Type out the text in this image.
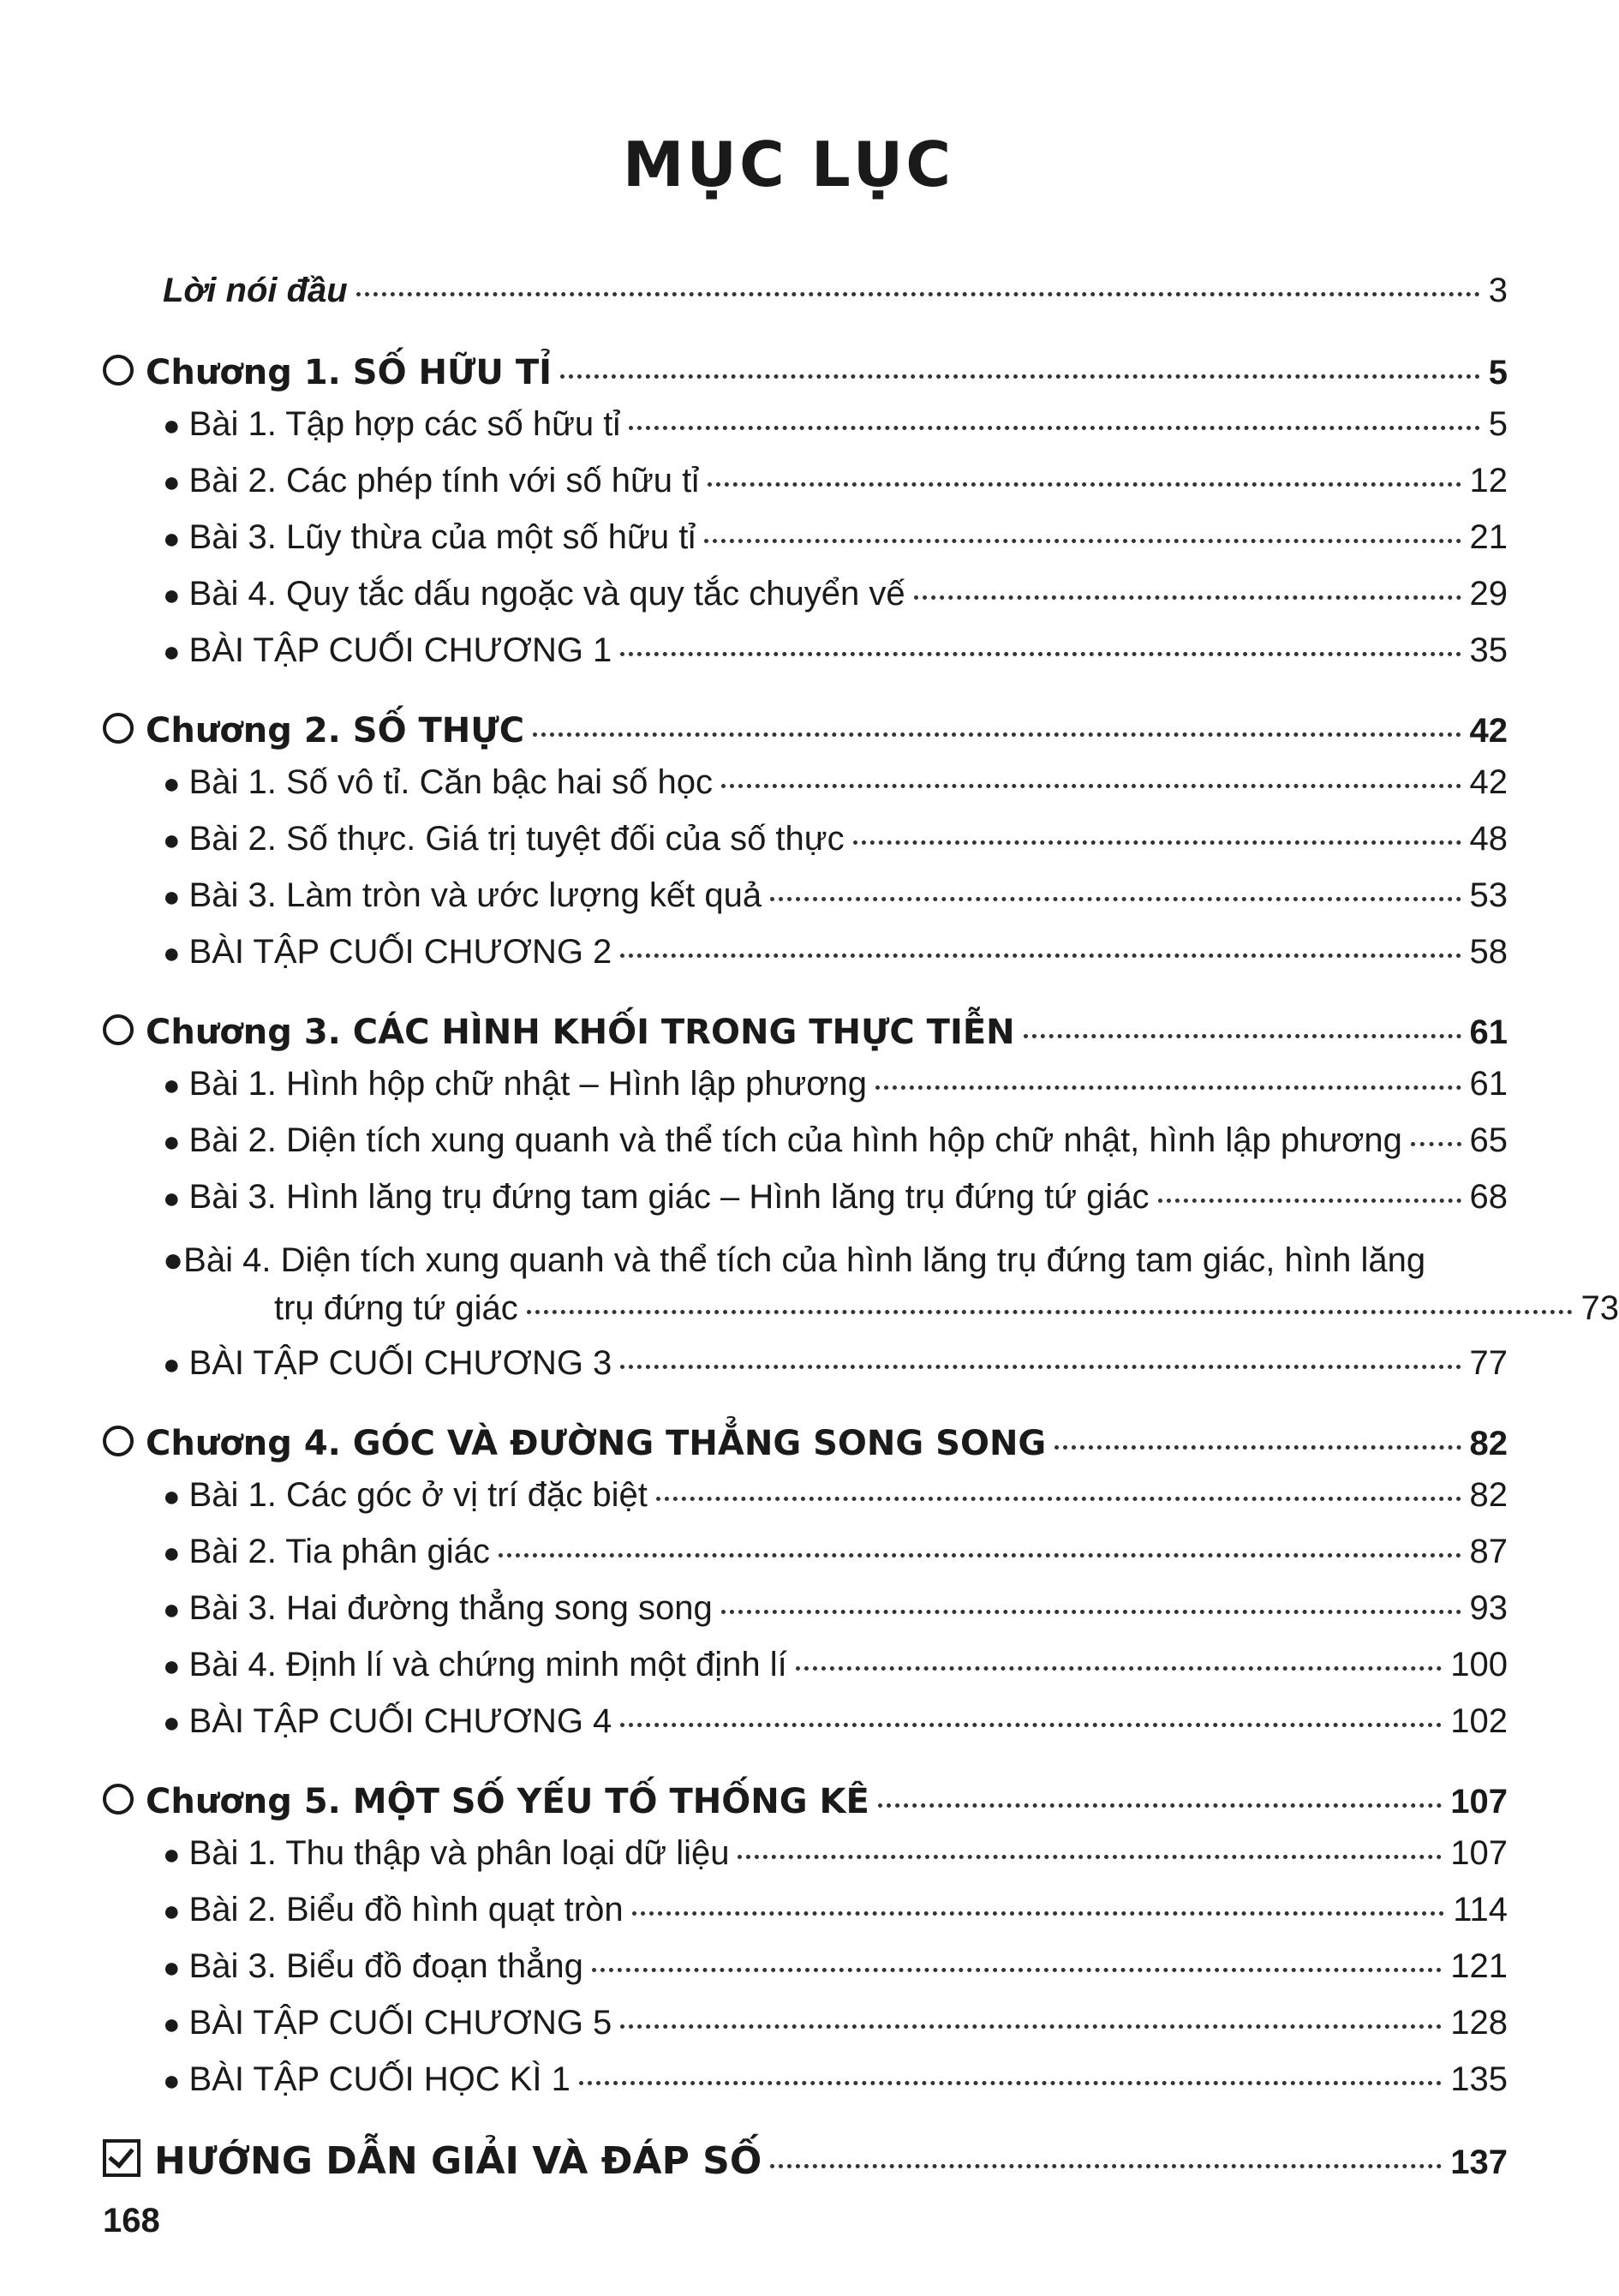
MỤC LỤC
Lời nói đầu	3
Chương 1. SỐ HỮU TỈ	5
● Bài 1. Tập hợp các số hữu tỉ	5
● Bài 2. Các phép tính với số hữu tỉ	12
● Bài 3. Lũy thừa của một số hữu tỉ	21
● Bài 4. Quy tắc dấu ngoặc và quy tắc chuyển vế	29
● BÀI TẬP CUỐI CHƯƠNG 1	35
Chương 2. SỐ THỰC	42
● Bài 1. Số vô tỉ. Căn bậc hai số học	42
● Bài 2. Số thực. Giá trị tuyệt đối của số thực	48
● Bài 3. Làm tròn và ước lượng kết quả	53
● BÀI TẬP CUỐI CHƯƠNG 2	58
Chương 3. CÁC HÌNH KHỐI TRONG THỰC TIỄN	61
● Bài 1. Hình hộp chữ nhật – Hình lập phương	61
● Bài 2. Diện tích xung quanh và thể tích của hình hộp chữ nhật, hình lập phương 65
● Bài 3. Hình lăng trụ đứng tam giác – Hình lăng trụ đứng tứ giác	68
● Bài 4. Diện tích xung quanh và thể tích của hình lăng trụ đứng tam giác, hình lăng
trụ đứng tứ giác	73
● BÀI TẬP CUỐI CHƯƠNG 3	77
Chương 4. GÓC VÀ ĐƯỜNG THẲNG SONG SONG	82
● Bài 1. Các góc ở vị trí đặc biệt	82
● Bài 2. Tia phân giác	87
● Bài 3. Hai đường thẳng song song	93
● Bài 4. Định lí và chứng minh một định lí	100
● BÀI TẬP CUỐI CHƯƠNG 4	102
Chương 5. MỘT SỐ YẾU TỐ THỐNG KÊ	107
● Bài 1. Thu thập và phân loại dữ liệu	107
● Bài 2. Biểu đồ hình quạt tròn	114
● Bài 3. Biểu đồ đoạn thẳng	121
● BÀI TẬP CUỐI CHƯƠNG 5	128
● BÀI TẬP CUỐI HỌC KÌ 1	135
HƯỚNG DẪN GIẢI VÀ ĐÁP SỐ	137
168
